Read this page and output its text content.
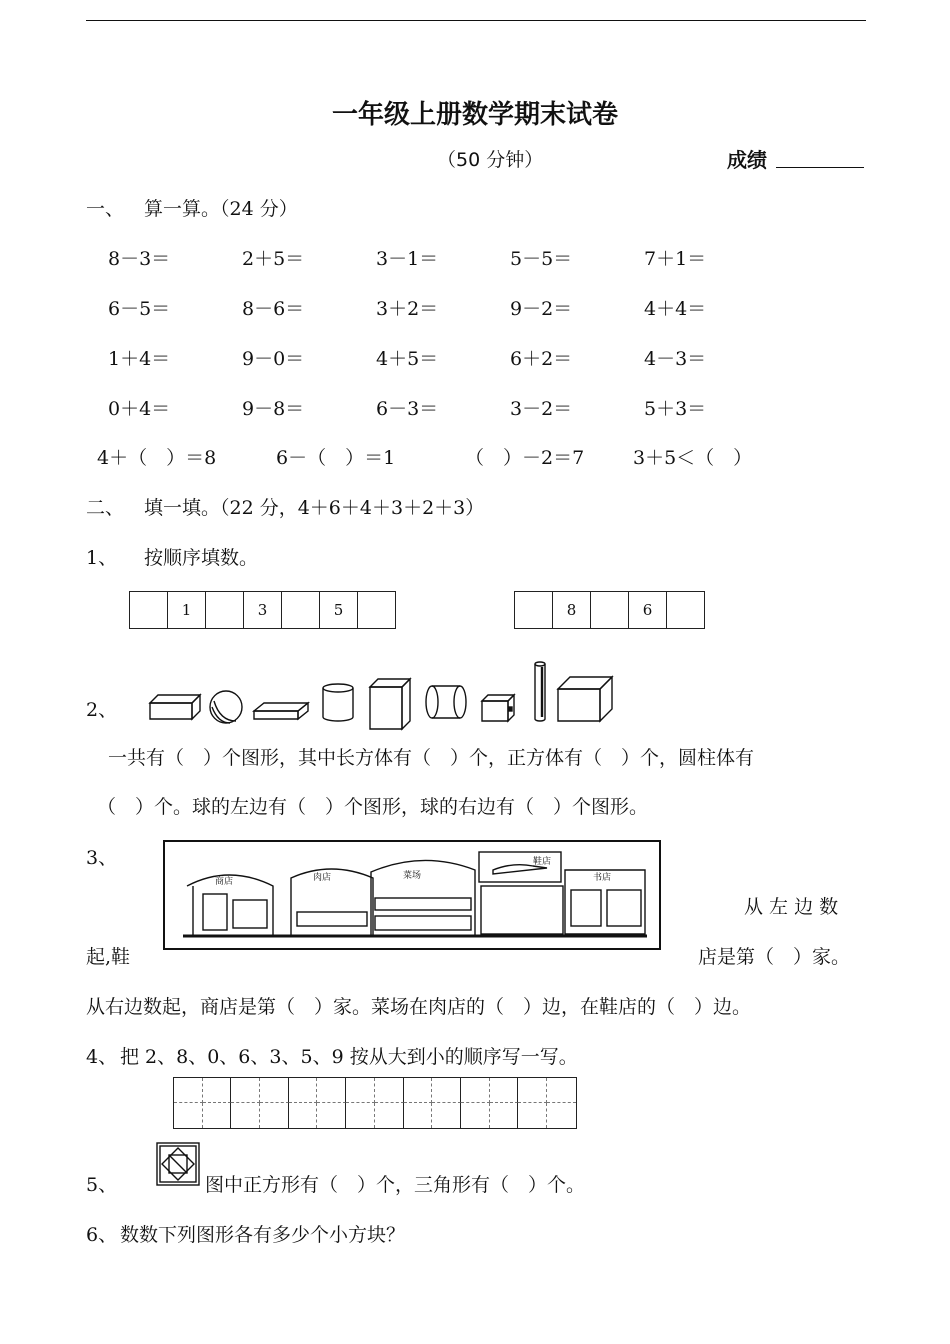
一年级上册数学期末试卷
（50 分钟）	成绩
一、 算一算。（24 分）
8－3＝	2＋5＝	3－1＝	5－5＝	7＋1＝
6－5＝	8－6＝	3＋2＝	9－2＝	4＋4＝
1＋4＝	9－0＝	4＋5＝	6＋2＝	4－3＝
0＋4＝	9－8＝	6－3＝	3－2＝	5＋3＝
4＋（　）＝8	6－（　）＝1	（　）－2＝7	3＋5＜（　）
二、 填一填。（22 分，4＋6＋4＋3＋2＋3）
1、 按顺序填数。
1	3	5	8	6
2、
一共有（　）个图形，其中长方体有（　）个，正方体有（　）个，圆柱体有
（　）个。球的左边有（　）个图形，球的右边有（　）个图形。
3、
商店	肉店	菜场
鞋店
书店
从 左 边 数
起,鞋	店是第（　）家。
从右边数起，商店是第（　）家。菜场在肉店的（　）边，在鞋店的（　）边。
4、 把 2、8、0、6、3、5、9 按从大到小的顺序写一写。
5、	图中正方形有（　）个，三角形有（　）个。
6、 数数下列图形各有多少个小方块？
